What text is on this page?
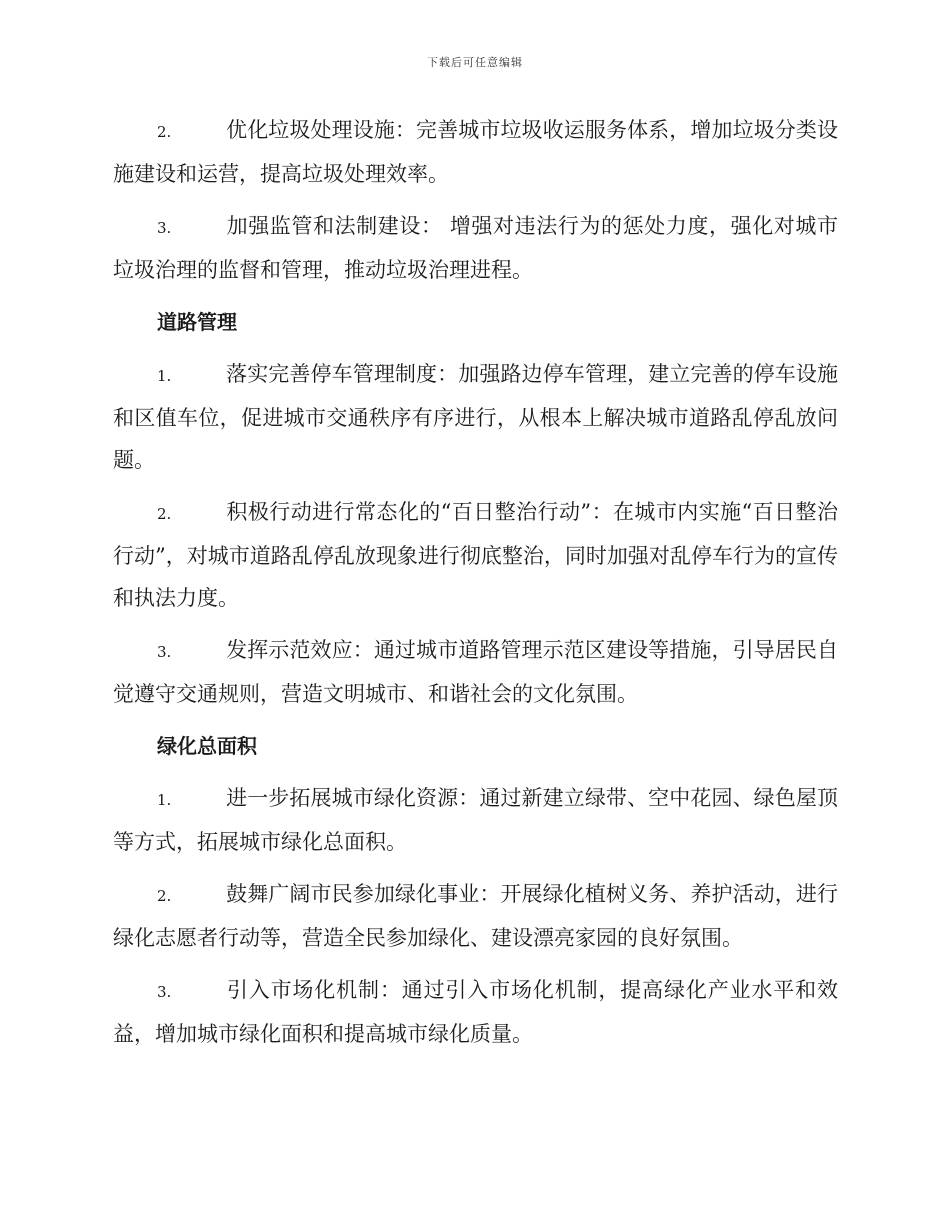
下载后可任意编辑

2.	优化垃圾处理设施：完善城市垃圾收运服务体系，增加垃圾分类设施建设和运营，提高垃圾处理效率。

3.	加强监管和法制建设： 增强对违法行为的惩处力度，强化对城市垃圾治理的监督和管理，推动垃圾治理进程。

道路管理

1.	落实完善停车管理制度：加强路边停车管理，建立完善的停车设施和区值车位，促进城市交通秩序有序进行，从根本上解决城市道路乱停乱放问题。

2.	积极行动进行常态化的“百日整治行动”：在城市内实施“百日整治行动”，对城市道路乱停乱放现象进行彻底整治，同时加强对乱停车行为的宣传和执法力度。

3.	发挥示范效应：通过城市道路管理示范区建设等措施，引导居民自觉遵守交通规则，营造文明城市、和谐社会的文化氛围。

绿化总面积

1.	进一步拓展城市绿化资源：通过新建立绿带、空中花园、绿色屋顶等方式，拓展城市绿化总面积。

2.	鼓舞广阔市民参加绿化事业：开展绿化植树义务、养护活动，进行绿化志愿者行动等，营造全民参加绿化、建设漂亮家园的良好氛围。

3.	引入市场化机制：通过引入市场化机制，提高绿化产业水平和效益，增加城市绿化面积和提高城市绿化质量。
